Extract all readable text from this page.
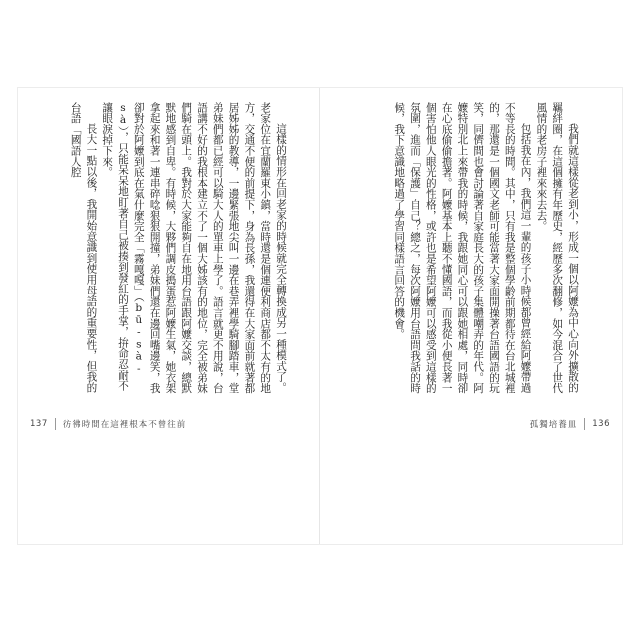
這樣的情形在回老家的時候就完全轉換成另一種模式了。老家位在宜蘭羅東小鎮，當時還是個連便利商店都不太有的地方，交通不便的前提下，身為長孫，我還得在大家面前就著都居姊姊的教導，一邊緊張地尖叫一邊在巷弄裡學騎腳踏車，堂弟妹們都已經可以騎大人的單車上學了。語言就更不用說，台語講不好的我根本建立不了一個大姊該有的地位，完全被弟妹們騎在頭上。我對於大家能夠自在地用台語跟阿嬤交談，總默默地感到自卑。有時候，大夥們調皮搗蛋惹阿嬤生氣，她衣架拿起來和著一連串碎唸狠狠開撞，弟妹們還在邊回嘴邊笑，我卻對於阿嬤到底在氣什麼完全「霧嘎嘎」（bū-sà-sà），只能呆呆地盯著自己被揍到發紅的手掌，拚命忍耐不讓眼淚掉下來。

長大一點以後，我開始意識到使用母語的重要性，但我的台語「國語人腔

137 彷彿時間在這裡根本不曾往前

我們就這樣從老到小，形成一個以阿嬤為中心向外擴散的羈絆圈，在這個擁有年歷史，經歷多次翻修，如今混合了世代風情的老房子裡來來去去。

包括我在內，我們這一輩的孩子小時候都曾經給阿嬤帶過不等長的時間。其中，只有我是整個學齡前期都待在台北城裡的，那還是一個國文老師可能當著大家面開操著台語國語的玩笑，同儕間也會討論著自家庭長大的孩子集體嘲弄的年代。阿嬤特別北上來帶我的時候，我跟她同心可以跟她相處，同時卻在心底偷偷擔著。阿嬤基本上聽不懂國語，而我從小便長著一個害怕他人眼光的性格，或許也是希望阿嬤可以感受到這樣的氛圍，進而「保護」自己？總之，每次阿嬤用台語問我話的時候，我下意識地略過了學習同樣語言回答的機會。

孤獨培養皿 136
